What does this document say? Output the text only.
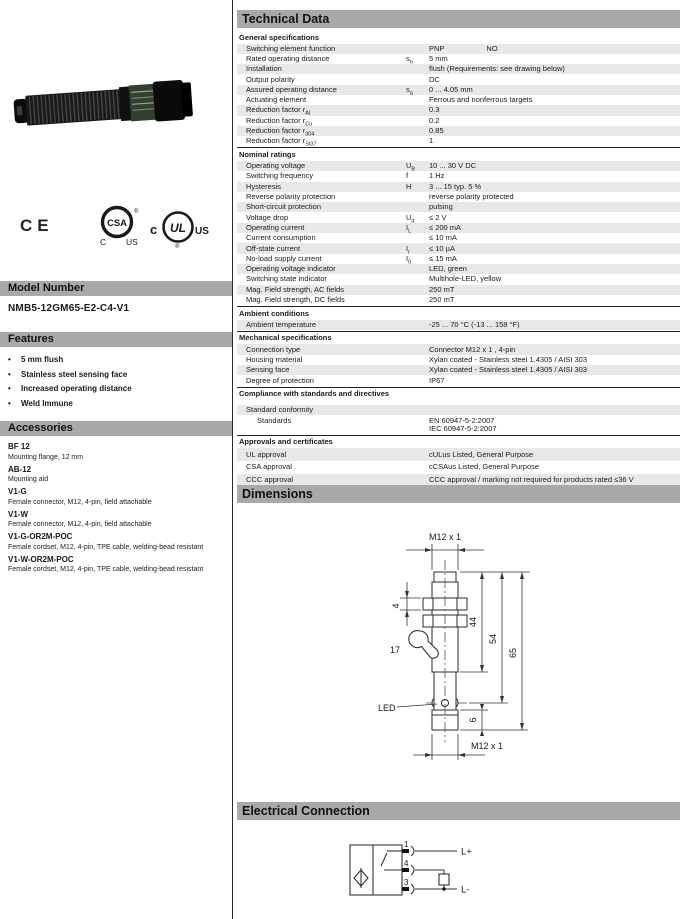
CE	CSA
®
C US
c UL US
®
Model Number
NMB5-12GM65-E2-C4-V1
Features
•	5 mm flush
•	Stainless steel sensing face
•	Increased operating distance
•	Weld Immune
Accessories
BF 12
Mounting flange, 12 mm
AB-12
Mounting aid
V1-G
Female connector, M12, 4-pin, field attachable
V1-W
Female connector, M12, 4-pin, field attachable
V1-G-OR2M-POC
Female cordset, M12, 4-pin, TPE cable, welding-bead resistant
V1-W-OR2M-POC
Female cordset, M12, 4-pin, TPE cable, welding-bead resistant
Technical Data
General specifications
Switching element function	PNP	NO
Rated operating distance	$s_n$	5 mm
Installation	flush (Requirements: see drawing below)
Output polarity	DC
Assured operating distance	$s_a$	0 ... 4.05 mm
Actuating element	Ferrous and nonferrous targets
Reduction factor $r_{Al}$	0.3
Reduction factor $r_{Cu}$	0.2
Reduction factor $r_{304}$	0.85
Reduction factor $r_{St37}$	1
Nominal ratings
Operating voltage	$U_B$	10 ... 30 V DC
Switching frequency	f	1 Hz
Hysteresis	H	3 ... 15 typ. 5 %
Reverse polarity protection	reverse polarity protected
Short-circuit protection	pulsing
Voltage drop	$U_d$	≤ 2 V
Operating current	$I_L$	≤ 200 mA
Current consumption	≤ 10 mA
Off-state current	$I_r$	≤ 10 µA
No-load supply current	$I_0$	≤ 15 mA
Operating voltage indicator	LED, green
Switching state indicator	Multihole-LED, yellow
Mag. Field strength, AC fields	250 mT
Mag. Field strength, DC fields	250 mT
Ambient conditions
Ambient temperature	-25 ... 70 °C (-13 ... 158 °F)
Mechanical specifications
Connection type	Connector M12 x 1 , 4-pin
Housing material	Xylan coated - Stainless steel 1.4305 / AISI 303
Sensing face	Xylan coated - Stainless steel 1.4305 / AISI 303
Degree of protection	IP67
Compliance with standards and directives
Standard conformity
Standards	EN 60947-5-2:2007
IEC 60947-5-2:2007
Approvals and certificates
UL approval	cULus Listed, General Purpose
CSA approval	cCSAus Listed, General Purpose
CCC approval	CCC approval / marking not required for products rated ≤36 V
Dimensions
M12 x 1
4
17
44
54
65
LED
6
M12 x 1
Electrical Connection
1
4
3
L+
L-
